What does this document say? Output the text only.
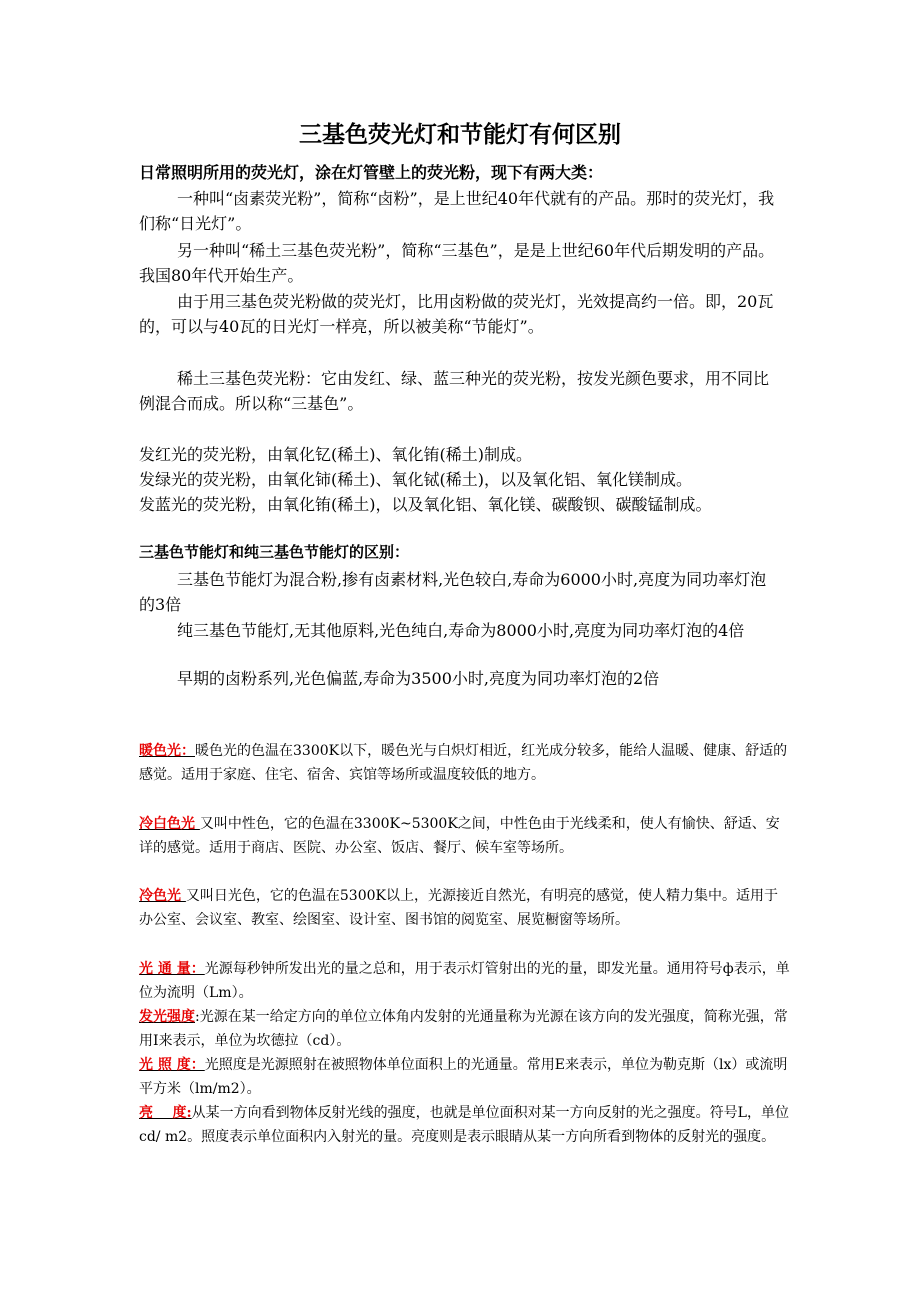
三基色荧光灯和节能灯有何区别

日常照明所用的荧光灯，涂在灯管壁上的荧光粉，现下有两大类：

一种叫“卤素荧光粉”，简称“卤粉”，是上世纪40年代就有的产品。那时的荧光灯，我们称“日光灯”。

另一种叫“稀土三基色荧光粉”，简称“三基色”，是是上世纪60年代后期发明的产品。我国80年代开始生产。

由于用三基色荧光粉做的荧光灯，比用卤粉做的荧光灯，光效提高约一倍。即，20瓦的，可以与40瓦的日光灯一样亮，所以被美称“节能灯”。

稀土三基色荧光粉：它由发红、绿、蓝三种光的荧光粉，按发光颜色要求，用不同比例混合而成。所以称“三基色”。

发红光的荧光粉，由氧化钇(稀土)、氧化铕(稀土)制成。

发绿光的荧光粉，由氧化铈(稀土)、氧化铽(稀土)，以及氧化铝、氧化镁制成。

发蓝光的荧光粉，由氧化铕(稀土)，以及氧化铝、氧化镁、碳酸钡、碳酸锰制成。

三基色节能灯和纯三基色节能灯的区别：

三基色节能灯为混合粉,掺有卤素材料,光色较白,寿命为6000小时,亮度为同功率灯泡的3倍

纯三基色节能灯,无其他原料,光色纯白,寿命为8000小时,亮度为同功率灯泡的4倍

早期的卤粉系列,光色偏蓝,寿命为3500小时,亮度为同功率灯泡的2倍

暖色光：暖色光的色温在3300K以下，暖色光与白炽灯相近，红光成分较多，能给人温暖、健康、舒适的感觉。适用于家庭、住宅、宿舍、宾馆等场所或温度较低的地方。

冷白色光 又叫中性色，它的色温在3300K~5300K之间，中性色由于光线柔和，使人有愉快、舒适、安详的感觉。适用于商店、医院、办公室、饭店、餐厅、候车室等场所。

冷色光 又叫日光色，它的色温在5300K以上，光源接近自然光，有明亮的感觉，使人精力集中。适用于办公室、会议室、教室、绘图室、设计室、图书馆的阅览室、展览橱窗等场所。

光 通 量：光源每秒钟所发出光的量之总和，用于表示灯管射出的光的量，即发光量。通用符号ф表示，单位为流明（Lm）。

发光强度:光源在某一给定方向的单位立体角内发射的光通量称为光源在该方向的发光强度，简称光强，常用I来表示，单位为坎德拉（cd）。

光 照 度：光照度是光源照射在被照物体单位面积上的光通量。常用E来表示，单位为勒克斯（lx）或流明平方米（lm/m2）。

亮    度:从某一方向看到物体反射光线的强度，也就是单位面积对某一方向反射的光之强度。符号L，单位cd/ m2。照度表示单位面积内入射光的量。亮度则是表示眼睛从某一方向所看到物体的反射光的强度。
